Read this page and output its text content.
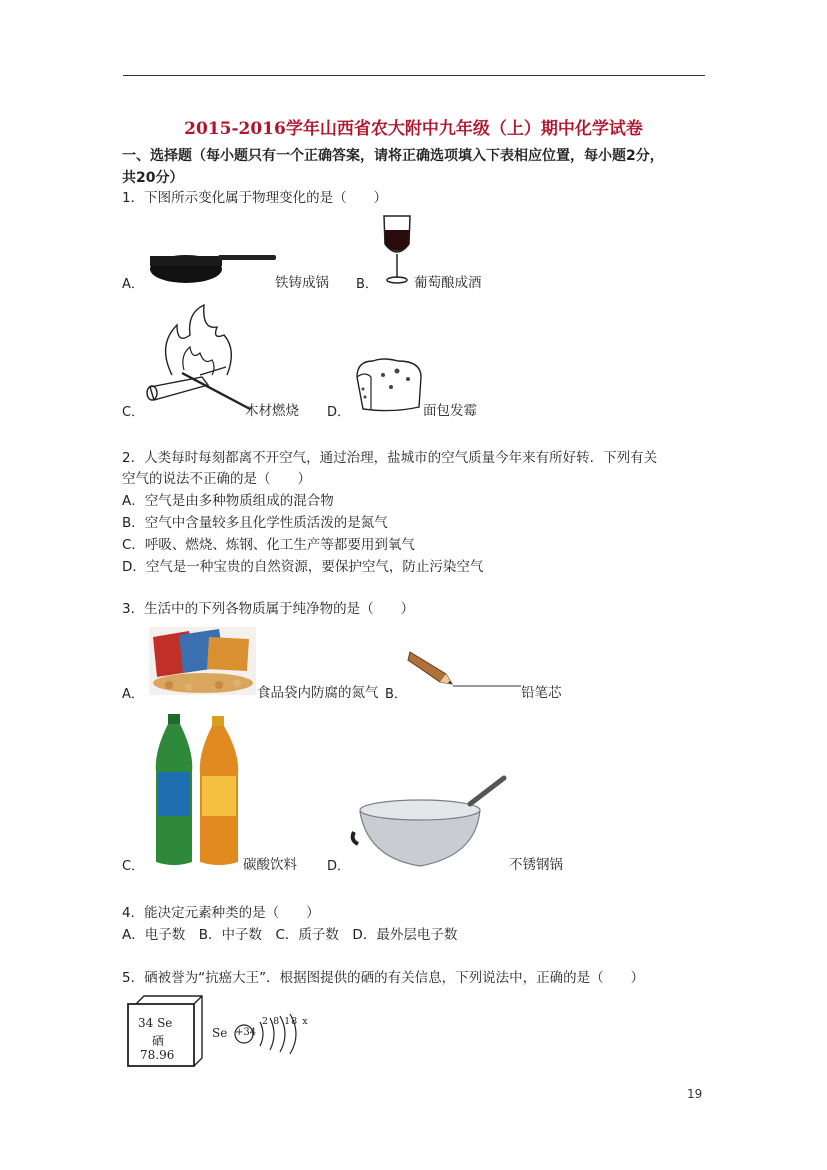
2015-2016学年山西省农大附中九年级（上）期中化学试卷
一、选择题（每小题只有一个正确答案，请将正确选项填入下表相应位置，每小题2分，
共20分）
1．下图所示变化属于物理变化的是（　　）
A．	铁铸成锅 B．	葡萄酿成酒
C．	木材燃烧 D．	面包发霉
2．人类每时每刻都离不开空气，通过治理，盐城市的空气质量今年来有所好转．下列有关
空气的说法不正确的是（　　）
A．空气是由多种物质组成的混合物
B．空气中含量较多且化学性质活泼的是氮气
C．呼吸、燃烧、炼钢、化工生产等都要用到氧气
D．空气是一种宝贵的自然资源，要保护空气，防止污染空气
3．生活中的下列各物质属于纯净物的是（　　）
A．	食品袋内防腐的氮气 B．	铅笔芯
C．	碳酸饮料 D．	不锈钢锅
4．能决定元素种类的是（　　）
A．电子数　B．中子数　C．质子数　D．最外层电子数
5．硒被誉为“抗癌大王”．根据图提供的硒的有关信息，下列说法中，正确的是（　　）
34 Se
硒
78.96
Se +34
2 8 18 x
19
